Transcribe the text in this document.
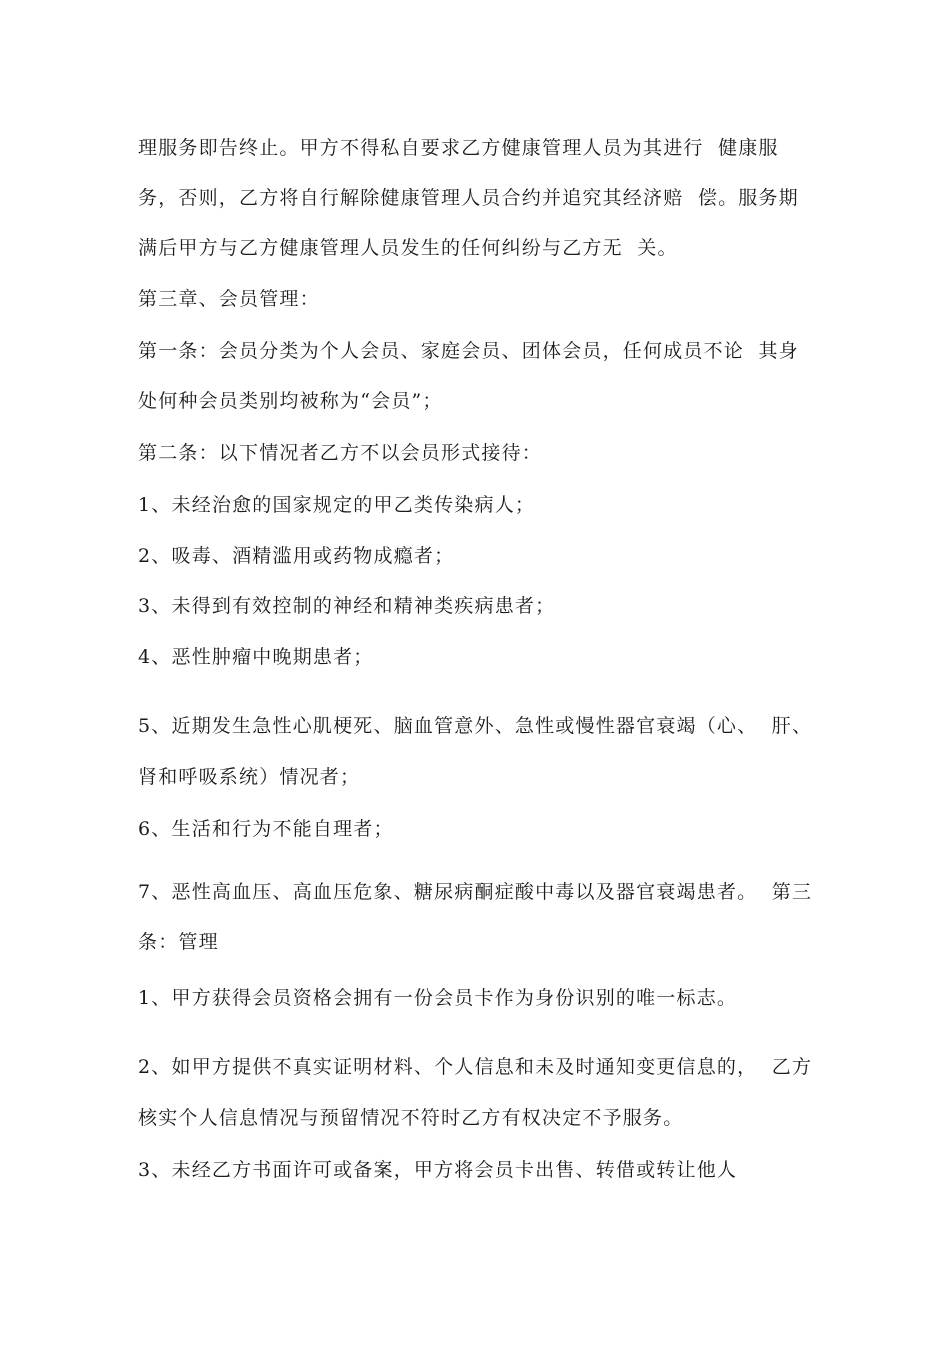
理服务即告终止。甲方不得私自要求乙方健康管理人员为其进行  健康服
务，否则，乙方将自行解除健康管理人员合约并追究其经济赔  偿。服务期
满后甲方与乙方健康管理人员发生的任何纠纷与乙方无  关。
第三章、会员管理：
第一条：会员分类为个人会员、家庭会员、团体会员，任何成员不论  其身
处何种会员类别均被称为“会员”；
第二条：以下情况者乙方不以会员形式接待：
1、未经治愈的国家规定的甲乙类传染病人；
2、吸毒、酒精滥用或药物成瘾者；
3、未得到有效控制的神经和精神类疾病患者；
4、恶性肿瘤中晚期患者；
5、近期发生急性心肌梗死、脑血管意外、急性或慢性器官衰竭（心、  肝、
肾和呼吸系统）情况者；
6、生活和行为不能自理者；
7、恶性高血压、高血压危象、糖尿病酮症酸中毒以及器官衰竭患者。  第三
条：管理
1、甲方获得会员资格会拥有一份会员卡作为身份识别的唯一标志。
2、如甲方提供不真实证明材料、个人信息和未及时通知变更信息的，  乙方
核实个人信息情况与预留情况不符时乙方有权决定不予服务。
3、未经乙方书面许可或备案，甲方将会员卡出售、转借或转让他人
